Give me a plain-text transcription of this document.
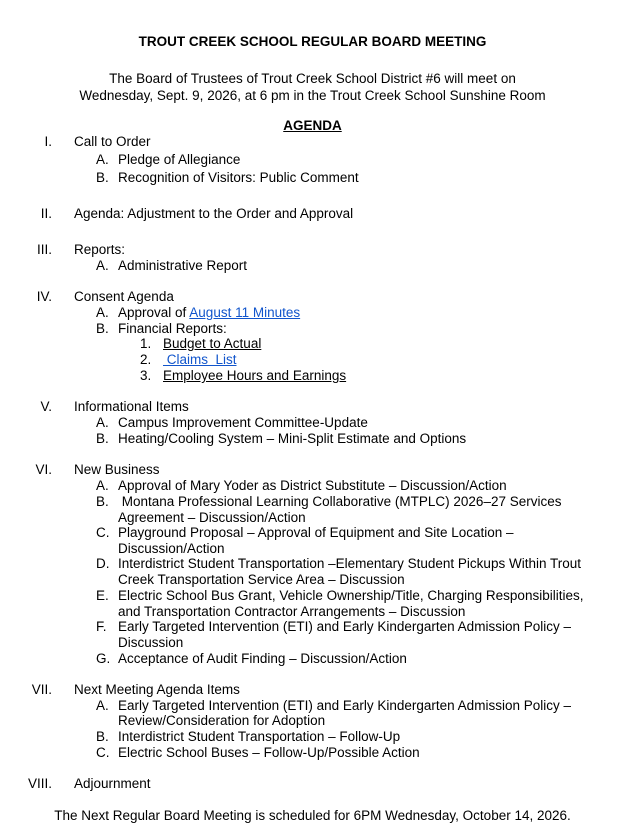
TROUT CREEK SCHOOL REGULAR BOARD MEETING
The Board of Trustees of Trout Creek School District #6 will meet on
Wednesday, Sept. 9, 2026, at 6 pm in the Trout Creek School Sunshine Room
AGENDA
I. Call to Order
A. Pledge of Allegiance
B. Recognition of Visitors: Public Comment
II. Agenda: Adjustment to the Order and Approval
III. Reports:
A. Administrative Report
IV. Consent Agenda
A. Approval of August 11 Minutes
B. Financial Reports:
1. Budget to Actual
2. Claims  List
3. Employee Hours and Earnings
V. Informational Items
A. Campus Improvement Committee-Update
B. Heating/Cooling System – Mini-Split Estimate and Options
VI. New Business
A. Approval of Mary Yoder as District Substitute – Discussion/Action
B. Montana Professional Learning Collaborative (MTPLC) 2026–27 Services
Agreement – Discussion/Action
C. Playground Proposal – Approval of Equipment and Site Location –
Discussion/Action
D. Interdistrict Student Transportation –Elementary Student Pickups Within Trout
Creek Transportation Service Area – Discussion
E. Electric School Bus Grant, Vehicle Ownership/Title, Charging Responsibilities,
and Transportation Contractor Arrangements – Discussion
F. Early Targeted Intervention (ETI) and Early Kindergarten Admission Policy –
Discussion
G. Acceptance of Audit Finding – Discussion/Action
VII. Next Meeting Agenda Items
A. Early Targeted Intervention (ETI) and Early Kindergarten Admission Policy –
Review/Consideration for Adoption
B. Interdistrict Student Transportation – Follow-Up
C. Electric School Buses – Follow-Up/Possible Action
VIII. Adjournment
The Next Regular Board Meeting is scheduled for 6PM Wednesday, October 14, 2026.
